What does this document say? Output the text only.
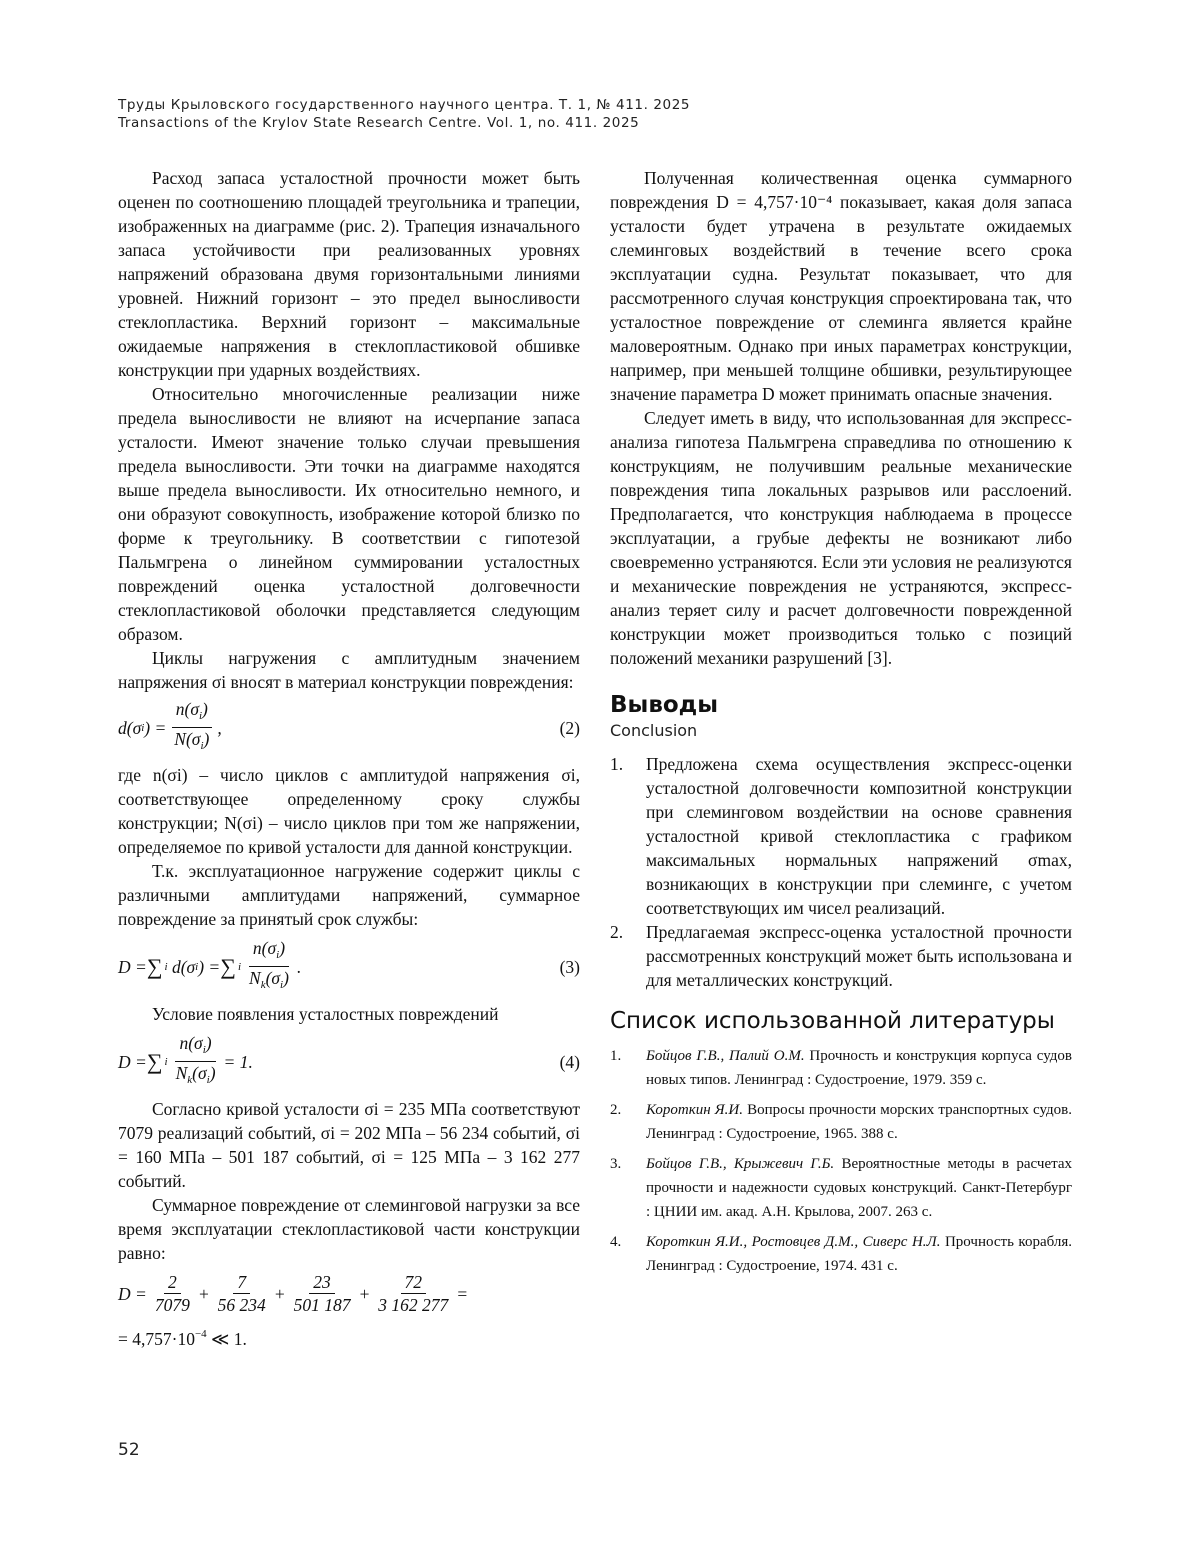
Труды Крыловского государственного научного центра. Т. 1, № 411. 2025
Transactions of the Krylov State Research Centre. Vol. 1, no. 411. 2025

Расход запаса усталостной прочности может быть оценен по соотношению площадей треугольника и трапеции, изображенных на диаграмме (рис. 2). Трапеция изначального запаса устойчивости при реализованных уровнях напряжений образована двумя горизонтальными линиями уровней. Нижний горизонт – это предел выносливости стеклопластика. Верхний горизонт – максимальные ожидаемые напряжения в стеклопластиковой обшивке конструкции при ударных воздействиях.

Относительно многочисленные реализации ниже предела выносливости не влияют на исчерпание запаса усталости. Имеют значение только случаи превышения предела выносливости. Эти точки на диаграмме находятся выше предела выносливости. Их относительно немного, и они образуют совокупность, изображение которой близко по форме к треугольнику. В соответствии с гипотезой Пальмгрена о линейном суммировании усталостных повреждений оценка усталостной долговечности стеклопластиковой оболочки представляется следующим образом.

Циклы нагружения с амплитудным значением напряжения σi вносят в материал конструкции повреждения:

d(σ i ) = $\frac{n(\sigma_i)}{N(\sigma_i)}$ ,	(2)

где n(σi) – число циклов с амплитудой напряжения σi, соответствующее определенному сроку службы конструкции; N(σi) – число циклов при том же напряжении, определяемое по кривой усталости для данной конструкции.

Т.к. эксплуатационное нагружение содержит циклы с различными амплитудами напряжений, суммарное повреждение за принятый срок службы:

D = ∑ i d(σ i ) = ∑ i $\frac{n(\sigma_i)}{N_k(\sigma_i)}$ .	(3)

Условие появления усталостных повреждений

D = ∑ i $\frac{n(\sigma_i)}{N_k(\sigma_i)} = 1$.	(4)

Согласно кривой усталости σi = 235 МПа соответствуют 7079 реализаций событий, σi = 202 МПа – 56 234 событий, σi = 160 МПа – 501 187 событий, σi = 125 МПа – 3 162 277 событий.

Суммарное повреждение от слеминговой нагрузки за все время эксплуатации стеклопластиковой части конструкции равно:

$D = \frac{2}{7079} + \frac{7}{56 234} + \frac{23}{501 187} + \frac{72}{3 162 277}$ =
= $4,757\cdot 10^{-4}$ ≪ 1.

Полученная количественная оценка суммарного повреждения D = 4,757·10⁻⁴ показывает, какая доля запаса усталости будет утрачена в результате ожидаемых слеминговых воздействий в течение всего срока эксплуатации судна. Результат показывает, что для рассмотренного случая конструкция спроектирована так, что усталостное повреждение от слеминга является крайне маловероятным. Однако при иных параметрах конструкции, например, при меньшей толщине обшивки, результирующее значение параметра D может принимать опасные значения.

Следует иметь в виду, что использованная для экспресс-анализа гипотеза Пальмгрена справедлива по отношению к конструкциям, не получившим реальные механические повреждения типа локальных разрывов или расслоений. Предполагается, что конструкция наблюдаема в процессе эксплуатации, а грубые дефекты не возникают либо своевременно устраняются. Если эти условия не реализуются и механические повреждения не устраняются, экспресс-анализ теряет силу и расчет долговечности поврежденной конструкции может производиться только с позиций положений механики разрушений [3].

Выводы
Conclusion
1.	Предложена схема осуществления экспресс-оценки усталостной долговечности композитной конструкции при слеминговом воздействии на основе сравнения усталостной кривой стеклопластика с графиком максимальных нормальных напряжений σmax, возникающих в конструкции при слеминге, с учетом соответствующих им чисел реализаций.
2.	Предлагаемая экспресс-оценка усталостной прочности рассмотренных конструкций может быть использована и для металлических конструкций.
Список использованной литературы
1.	Бойцов Г.В., Палий О.М. Прочность и конструкция корпуса судов новых типов. Ленинград : Судостроение, 1979. 359 с.
2.	Короткин Я.И. Вопросы прочности морских транспортных судов. Ленинград : Судостроение, 1965. 388 с.
3.	Бойцов Г.В., Крыжевич Г.Б. Вероятностные методы в расчетах прочности и надежности судовых конструкций. Санкт-Петербург : ЦНИИ им. акад. А.Н. Крылова, 2007. 263 с.
4.	Короткин Я.И., Ростовцев Д.М., Сиверс Н.Л. Прочность корабля. Ленинград : Судостроение, 1974. 431 с.
52
